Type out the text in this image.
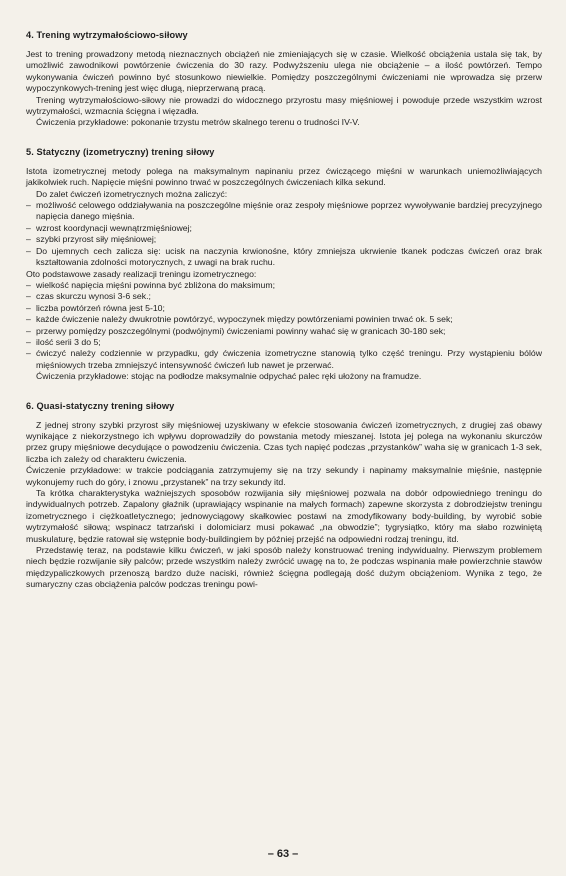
4. Trening wytrzymałościowo-siłowy

Jest to trening prowadzony metodą nieznacznych obciążeń nie zmieniających się w czasie. Wielkość obciążenia ustala się tak, by umożliwić zawodnikowi powtórzenie ćwiczenia do 30 razy. Podwyższeniu ulega nie obciążenie – a ilość powtórzeń. Tempo wykonywania ćwiczeń powinno być stosunkowo niewielkie. Pomiędzy poszczególnymi ćwiczeniami nie wprowadza się przerw wypoczynkowych-trening jest więc długą, nieprzerwaną pracą.

Trening wytrzymałościowo-siłowy nie prowadzi do widocznego przyrostu masy mięśniowej i powoduje przede wszystkim wzrost wytrzymałości, wzmacnia ścięgna i więzadła.

Ćwiczenia przykładowe: pokonanie trzystu metrów skalnego terenu o trudności IV-V.

5. Statyczny (izometryczny) trening siłowy

Istota izometrycznej metody polega na maksymalnym napinaniu przez ćwiczącego mięśni w warunkach uniemożliwiających jakikolwiek ruch. Napięcie mięśni powinno trwać w poszczególnych ćwiczeniach kilka sekund.

Do zalet ćwiczeń izometrycznych można zaliczyć:

– możliwość celowego oddziaływania na poszczególne mięśnie oraz zespoły mięśniowe poprzez wywoływanie bardziej precyzyjnego napięcia danego mięśnia.
– wzrost koordynacji wewnątrzmięśniowej;
– szybki przyrost siły mięśniowej;
– Do ujemnych cech zalicza się: ucisk na naczynia krwionośne, który zmniejsza ukrwienie tkanek podczas ćwiczeń oraz brak kształtowania zdolności motorycznych, z uwagi na brak ruchu.

Oto podstawowe zasady realizacji treningu izometrycznego:

– wielkość napięcia mięśni powinna być zbliżona do maksimum;
– czas skurczu wynosi 3-6 sek.;
– liczba powtórzeń równa jest 5-10;
– każde ćwiczenie należy dwukrotnie powtórzyć, wypoczynek między powtórzeniami powinien trwać ok. 5 sek;
– przerwy pomiędzy poszczególnymi (podwójnymi) ćwiczeniami powinny wahać się w granicach 30-180 sek;
– ilość serii 3 do 5;
– ćwiczyć należy codziennie w przypadku, gdy ćwiczenia izometryczne stanowią tylko część treningu. Przy wystąpieniu bólów mięśniowych trzeba zmniejszyć intensywność ćwiczeń lub nawet je przerwać.

Ćwiczenia przykładowe: stojąc na podłodze maksymalnie odpychać palec ręki ułożony na framudze.

6. Quasi-statyczny trening siłowy

Z jednej strony szybki przyrost siły mięśniowej uzyskiwany w efekcie stosowania ćwiczeń izometrycznych, z drugiej zaś obawy wynikające z niekorzystnego ich wpływu doprowadziły do powstania metody mieszanej. Istota jej polega na wykonaniu skurczów przez grupy mięśniowe decydujące o powodzeniu ćwiczenia. Czas tych napięć podczas „przystanków” waha się w granicach 1-3 sek, liczba ich zależy od charakteru ćwiczenia.

Ćwiczenie przykładowe: w trakcie podciągania zatrzymujemy się na trzy sekundy i napinamy maksymalnie mięśnie, następnie wykonujemy ruch do góry, i znowu „przystanek” na trzy sekundy itd.

Ta krótka charakterystyka ważniejszych sposobów rozwijania siły mięśniowej pozwala na dobór odpowiedniego treningu do indywidualnych potrzeb. Zapalony głaźnik (uprawiający wspinanie na małych formach) zapewne skorzysta z dobrodziejstw treningu izometrycznego i ciężkoatletycznego; jednowyciągowy skałkowiec postawi na zmodyfikowany body-building, by wyrobić sobie wytrzymałość siłową; wspinacz tatrzański i dolomiciarz musi pokawać „na obwodzie”; tygrysiątko, który ma słabo rozwiniętą muskulaturę, będzie ratował się wstępnie body-buildingiem by później przejść na odpowiedni rodzaj treningu, itd.

Przedstawię teraz, na podstawie kilku ćwiczeń, w jaki sposób należy konstruować trening indywidualny. Pierwszym problemem niech będzie rozwijanie siły palców; przede wszystkim należy zwrócić uwagę na to, że podczas wspinania małe powierzchnie stawów międzypaliczkowych przenoszą bardzo duże naciski, również ścięgna podlegają dość dużym obciążeniom. Wynika z tego, że sumaryczny czas obciążenia palców podczas treningu powi-

– 63 –
